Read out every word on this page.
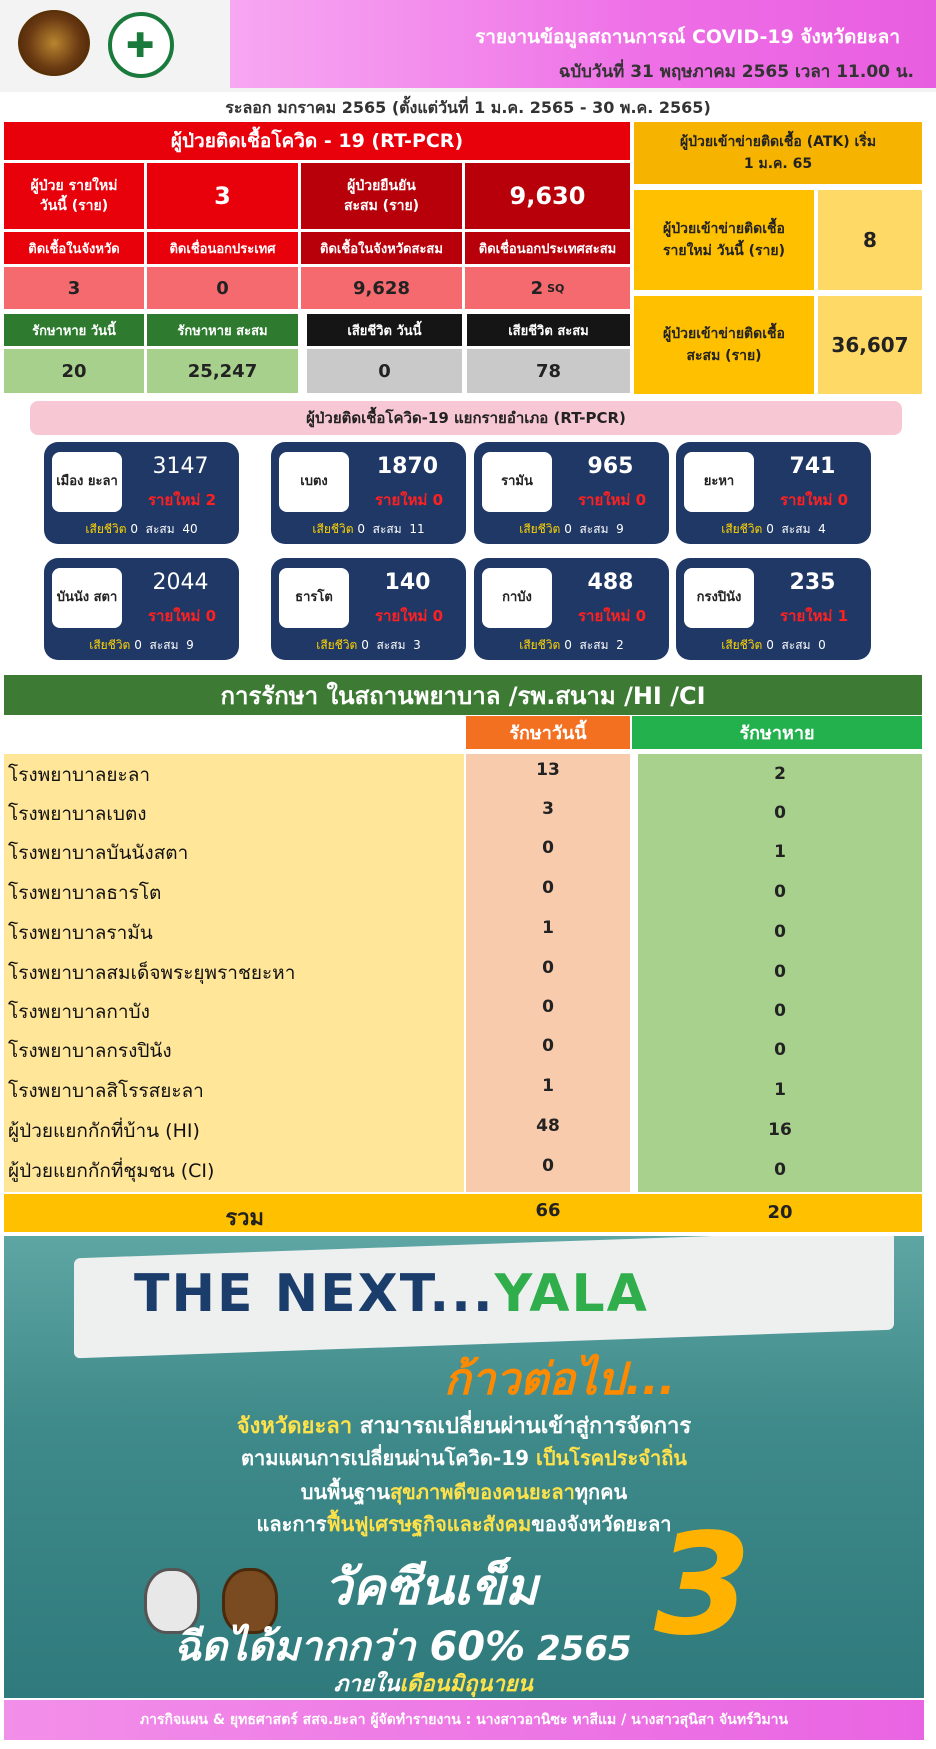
✚	รายงานข้อมูลสถานการณ์ COVID-19 จังหวัดยะลา
ฉบับวันที่ 31 พฤษภาคม 2565 เวลา 11.00 น.
ระลอก มกราคม 2565 (ตั้งแต่วันที่ 1 ม.ค. 2565 - 30 พ.ค. 2565)
ผู้ป่วยติดเชื้อโควิด - 19 (RT-PCR)
ผู้ป่วย รายใหม่ วันนี้ (ราย)	3	ผู้ป่วยยืนยัน สะสม (ราย)	9,630
ติดเชื้อในจังหวัด	ติดเชื่อนอกประเทศ	ติดเชื้อในจังหวัดสะสม	ติดเชื่อนอกประเทศสะสม
3	0	9,628	2 SQ
รักษาหาย วันนี้	รักษาหาย สะสม	เสียชีวิต วันนี้	เสียชีวิต สะสม
20	25,247	0	78
ผู้ป่วยเข้าข่ายติดเชื้อ (ATK) เริ่ม 1 ม.ค. 65
ผู้ป่วยเข้าข่ายติดเชื้อ รายใหม่ วันนี้ (ราย)	8
ผู้ป่วยเข้าข่ายติดเชื้อ สะสม (ราย)	36,607
ผู้ป่วยติดเชื้อโควิด-19 แยกรายอำเภอ (RT-PCR)
เมือง ยะลา
3147
รายใหม่ 2
เสียชีวิต 0 สะสม 40
เบตง
1870
รายใหม่ 0
เสียชีวิต 0 สะสม 11
รามัน
965
รายใหม่ 0
เสียชีวิต 0 สะสม 9
ยะหา
741
รายใหม่ 0
เสียชีวิต 0 สะสม 4
บันนัง สตา
2044
รายใหม่ 0
เสียชีวิต 0 สะสม 9
ธารโต
140
รายใหม่ 0
เสียชีวิต 0 สะสม 3
กาบัง
488
รายใหม่ 0
เสียชีวิต 0 สะสม 2
กรงปินัง
235
รายใหม่ 1
เสียชีวิต 0 สะสม 0
การรักษา ในสถานพยาบาล /รพ.สนาม /HI /CI
รักษาวันนี้	รักษาหาย
โรงพยาบาลยะลา	13	2
โรงพยาบาลเบตง	3	0
โรงพยาบาลบันนังสตา	0	1
โรงพยาบาลธารโต	0	0
โรงพยาบาลรามัน	1	0
โรงพยาบาลสมเด็จพระยุพราชยะหา	0	0
โรงพยาบาลกาบัง	0	0
โรงพยาบาลกรงปินัง	0	0
โรงพยาบาลสิโรรสยะลา	1	1
ผู้ป่วยแยกกักที่บ้าน (HI)	48	16
ผู้ป่วยแยกกักที่ชุมชน (CI)	0	0
รวม	66	20
THE NEXT...YALA
ก้าวต่อไป...
จังหวัดยะลา สามารถเปลี่ยนผ่านเข้าสู่การจัดการ
ตามแผนการเปลี่ยนผ่านโควิด-19 เป็นโรคประจำถิ่น
บนพื้นฐานสุขภาพดีของคนยะลาทุกคน
และการฟื้นฟูเศรษฐกิจและสังคมของจังหวัดยะลา
วัคซีนเข็ม 3
ฉีดได้มากกว่า 60% 2565
ภายในเดือนมิถุนายน
ภารกิจแผน & ยุทธศาสตร์ สสจ.ยะลา ผู้จัดทำรายงาน : นางสาวอานิซะ หาสีแม / นางสาวสุนิสา จันทร์วิมาน
